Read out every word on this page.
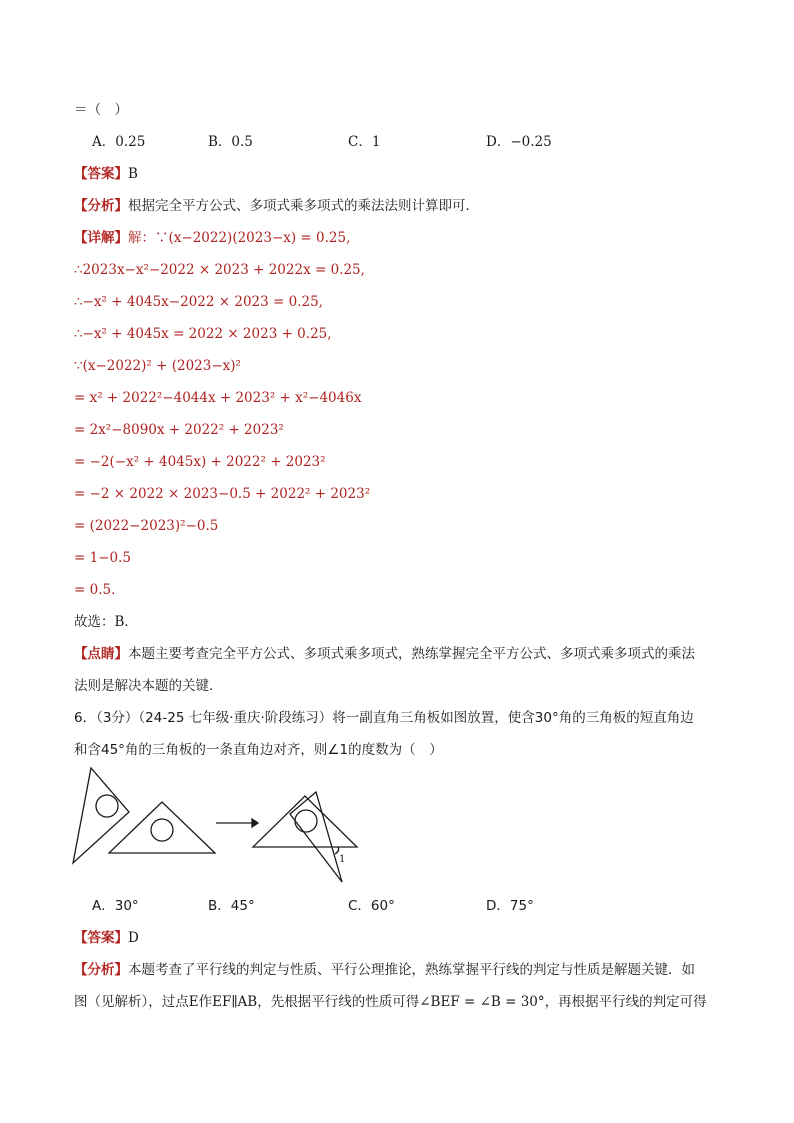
＝（　）
A．0.25	B．0.5	C．1	D．−0.25
【答案】B
【分析】根据完全平方公式、多项式乘多项式的乘法法则计算即可．
【详解】解：∵(x−2022)(2023−x) = 0.25,
∴2023x−x²−2022 × 2023 + 2022x = 0.25,
∴−x² + 4045x−2022 × 2023 = 0.25,
∴−x² + 4045x = 2022 × 2023 + 0.25,
∵(x−2022)² + (2023−x)²
= x² + 2022²−4044x + 2023² + x²−4046x
= 2x²−8090x + 2022² + 2023²
= −2(−x² + 4045x) + 2022² + 2023²
= −2 × 2022 × 2023−0.5 + 2022² + 2023²
= (2022−2023)²−0.5
= 1−0.5
= 0.5．
故选：B．
【点睛】本题主要考查完全平方公式、多项式乘多项式，熟练掌握完全平方公式、多项式乘多项式的乘法
法则是解决本题的关键．
6．（3分）（24-25 七年级·重庆·阶段练习）将一副直角三角板如图放置，使含30°角的三角板的短直角边
和含45°角的三角板的一条直角边对齐，则∠1的度数为（　）
1
A．30°	B．45°	C．60°	D．75°
【答案】D
【分析】本题考查了平行线的判定与性质、平行公理推论，熟练掌握平行线的判定与性质是解题关键．如
图（见解析），过点E作EF∥AB，先根据平行线的性质可得∠BEF = ∠B = 30°，再根据平行线的判定可得
